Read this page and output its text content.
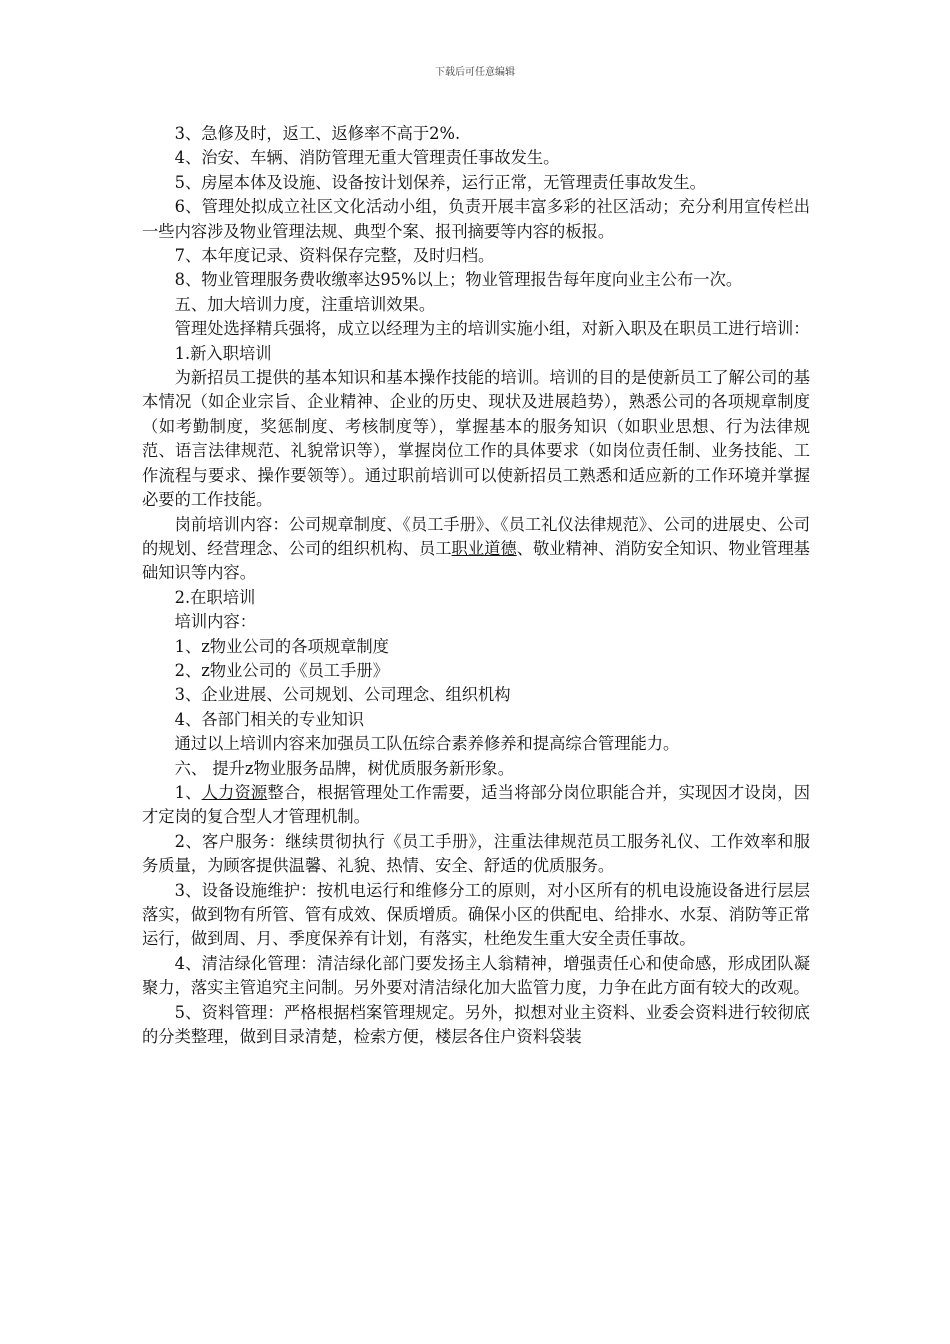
下载后可任意编辑

3、急修及时，返工、返修率不高于2%.

4、治安、车辆、消防管理无重大管理责任事故发生。

5、房屋本体及设施、设备按计划保养，运行正常，无管理责任事故发生。

6、管理处拟成立社区文化活动小组，负责开展丰富多彩的社区活动；充分利用宣传栏出一些内容涉及物业管理法规、典型个案、报刊摘要等内容的板报。

7、本年度记录、资料保存完整，及时归档。

8、物业管理服务费收缴率达95%以上；物业管理报告每年度向业主公布一次。

五、加大培训力度，注重培训效果。

管理处选择精兵强将，成立以经理为主的培训实施小组，对新入职及在职员工进行培训：

1.新入职培训

为新招员工提供的基本知识和基本操作技能的培训。培训的目的是使新员工了解公司的基本情况（如企业宗旨、企业精神、企业的历史、现状及进展趋势），熟悉公司的各项规章制度（如考勤制度，奖惩制度、考核制度等），掌握基本的服务知识（如职业思想、行为法律规范、语言法律规范、礼貌常识等），掌握岗位工作的具体要求（如岗位责任制、业务技能、工作流程与要求、操作要领等）。通过职前培训可以使新招员工熟悉和适应新的工作环境并掌握必要的工作技能。

岗前培训内容：公司规章制度、《员工手册》、《员工礼仪法律规范》、公司的进展史、公司的规划、经营理念、公司的组织机构、员工职业道德、敬业精神、消防安全知识、物业管理基础知识等内容。

2.在职培训

培训内容：

1、z物业公司的各项规章制度

2、z物业公司的《员工手册》

3、企业进展、公司规划、公司理念、组织机构

4、各部门相关的专业知识

通过以上培训内容来加强员工队伍综合素养修养和提高综合管理能力。

六、 提升z物业服务品牌，树优质服务新形象。

1、人力资源整合，根据管理处工作需要，适当将部分岗位职能合并，实现因才设岗，因才定岗的复合型人才管理机制。

2、客户服务：继续贯彻执行《员工手册》，注重法律规范员工服务礼仪、工作效率和服务质量，为顾客提供温馨、礼貌、热情、安全、舒适的优质服务。

3、设备设施维护：按机电运行和维修分工的原则，对小区所有的机电设施设备进行层层落实，做到物有所管、管有成效、保质增质。确保小区的供配电、给排水、水泵、消防等正常运行，做到周、月、季度保养有计划，有落实，杜绝发生重大安全责任事故。

4、清洁绿化管理：清洁绿化部门要发扬主人翁精神，增强责任心和使命感，形成团队凝聚力，落实主管追究主问制。另外要对清洁绿化加大监管力度，力争在此方面有较大的改观。

5、资料管理：严格根据档案管理规定。另外，拟想对业主资料、业委会资料进行较彻底的分类整理，做到目录清楚，检索方便，楼层各住户资料袋装
